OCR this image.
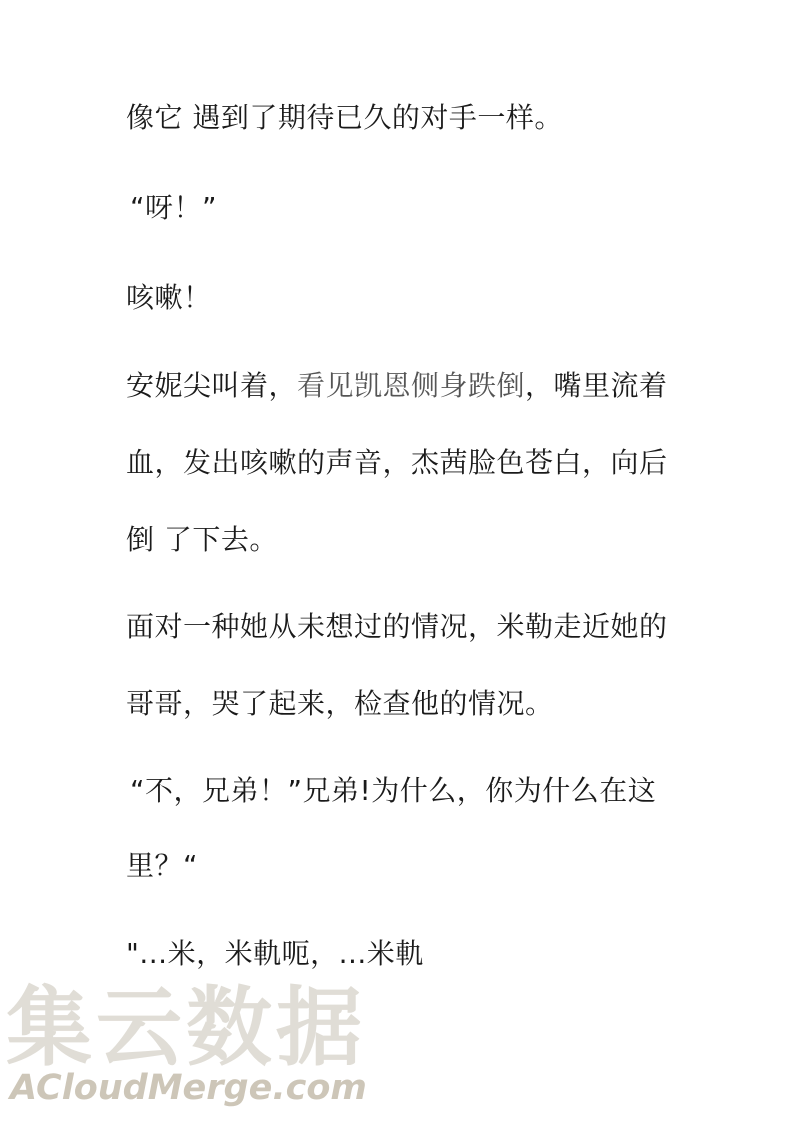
像它 遇到了期待已久的对手一样。
“呀！”
咳嗽！
安妮尖叫着，看见凯恩侧身跌倒，嘴里流着
血，发出咳嗽的声音，杰茜脸色苍白，向后
倒 了下去。
面对一种她从未想过的情况，米勒走近她的
哥哥，哭了起来，检查他的情况。
“不，兄弟！”兄弟!为什么，你为什么在这
里？“
"...米，米軌呃，...米軌
集云数据
ACloudMerge.com
